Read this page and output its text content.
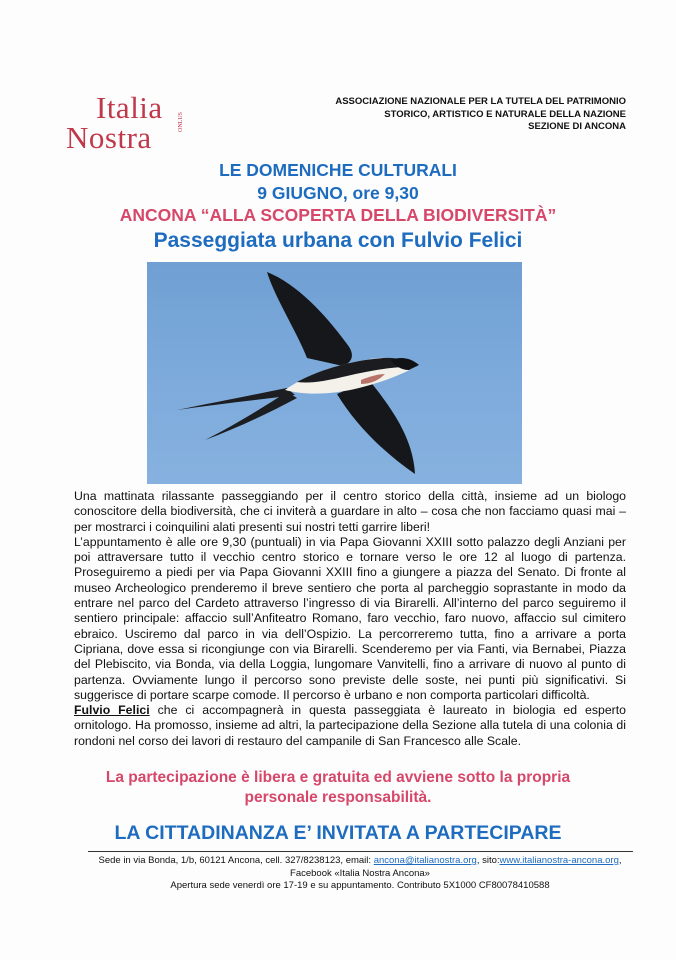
Italia
Nostra	ONLUS
ASSOCIAZIONE NAZIONALE PER LA TUTELA DEL PATRIMONIO
STORICO, ARTISTICO E NATURALE DELLA NAZIONE
SEZIONE DI ANCONA
LE DOMENICHE CULTURALI
9 GIUGNO, ore 9,30
ANCONA “ALLA SCOPERTA DELLA BIODIVERSITÀ”
Passeggiata urbana con Fulvio Felici

Una mattinata rilassante passeggiando per il centro storico della città, insieme ad un biologo conoscitore della biodiversità, che ci inviterà a guardare in alto – cosa che non facciamo quasi mai –per mostrarci i coinquilini alati presenti sui nostri tetti garrire liberi!

L’appuntamento è alle ore 9,30 (puntuali) in via Papa Giovanni XXIII sotto palazzo degli Anziani per poi attraversare tutto il vecchio centro storico e tornare verso le ore 12 al luogo di partenza. Proseguiremo a piedi per via Papa Giovanni XXIII fino a giungere a piazza del Senato. Di fronte al museo Archeologico prenderemo il breve sentiero che porta al parcheggio soprastante in modo da entrare nel parco del Cardeto attraverso l’ingresso di via Birarelli. All’interno del parco seguiremo il sentiero principale: affaccio sull’Anfiteatro Romano, faro vecchio, faro nuovo, affaccio sul cimitero ebraico. Usciremo dal parco in via dell’Ospizio. La percorreremo tutta, fino a arrivare a porta Cipriana, dove essa si ricongiunge con via Birarelli. Scenderemo per via Fanti, via Bernabei, Piazza del Plebiscito, via Bonda, via della Loggia, lungomare Vanvitelli, fino a arrivare di nuovo al punto di partenza. Ovviamente lungo il percorso sono previste delle soste, nei punti più significativi. Si suggerisce di portare scarpe comode. Il percorso è urbano e non comporta particolari difficoltà.

Fulvio Felici che ci accompagnerà in questa passeggiata è laureato in biologia ed esperto ornitologo. Ha promosso, insieme ad altri, la partecipazione della Sezione alla tutela di una colonia di rondoni nel corso dei lavori di restauro del campanile di San Francesco alle Scale.

La partecipazione è libera e gratuita ed avviene sotto la propria
personale responsabilità.
LA CITTADINANZA E’ INVITATA A PARTECIPARE
Sede in via Bonda, 1/b, 60121 Ancona, cell. 327/8238123, email: ancona@italianostra.org, sito:www.italianostra-ancona.org, Facebook «Italia Nostra Ancona»
Apertura sede venerdì ore 17-19 e su appuntamento. Contributo 5X1000 CF80078410588
